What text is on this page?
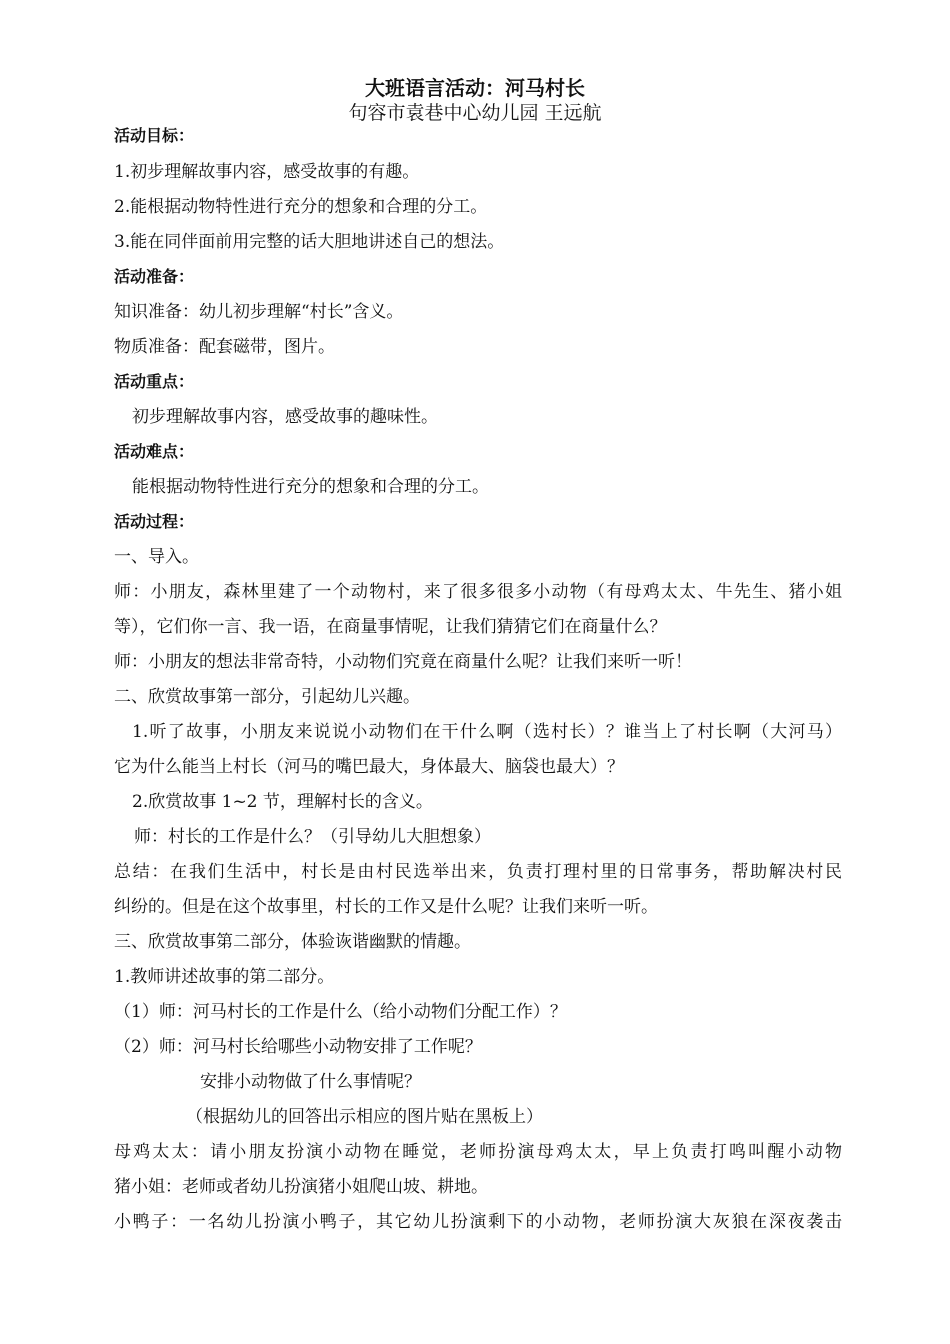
大班语言活动：河马村长
句容市袁巷中心幼儿园 王远航
活动目标：
1.初步理解故事内容，感受故事的有趣。
2.能根据动物特性进行充分的想象和合理的分工。
3.能在同伴面前用完整的话大胆地讲述自己的想法。
活动准备：
知识准备：幼儿初步理解“村长”含义。
物质准备：配套磁带，图片。
活动重点：
初步理解故事内容，感受故事的趣味性。
活动难点：
能根据动物特性进行充分的想象和合理的分工。
活动过程：
一、导入。
师：小朋友，森林里建了一个动物村，来了很多很多小动物（有母鸡太太、牛先生、猪小姐
等），它们你一言、我一语，在商量事情呢，让我们猜猜它们在商量什么？
师：小朋友的想法非常奇特，小动物们究竟在商量什么呢？让我们来听一听！
二、欣赏故事第一部分，引起幼儿兴趣。
1.听了故事，小朋友来说说小动物们在干什么啊（选村长）？谁当上了村长啊（大河马）
它为什么能当上村长（河马的嘴巴最大，身体最大、脑袋也最大）？
2.欣赏故事 1~2 节，理解村长的含义。
师：村长的工作是什么？（引导幼儿大胆想象）
总结：在我们生活中，村长是由村民选举出来，负责打理村里的日常事务，帮助解决村民
纠纷的。但是在这个故事里，村长的工作又是什么呢？让我们来听一听。
三、欣赏故事第二部分，体验诙谐幽默的情趣。
1.教师讲述故事的第二部分。
（1）师：河马村长的工作是什么（给小动物们分配工作）？
（2）师：河马村长给哪些小动物安排了工作呢？
安排小动物做了什么事情呢？
（根据幼儿的回答出示相应的图片贴在黑板上）
母鸡太太：请小朋友扮演小动物在睡觉，老师扮演母鸡太太，早上负责打鸣叫醒小动物
猪小姐：老师或者幼儿扮演猪小姐爬山坡、耕地。
小鸭子：一名幼儿扮演小鸭子，其它幼儿扮演剩下的小动物，老师扮演大灰狼在深夜袭击
